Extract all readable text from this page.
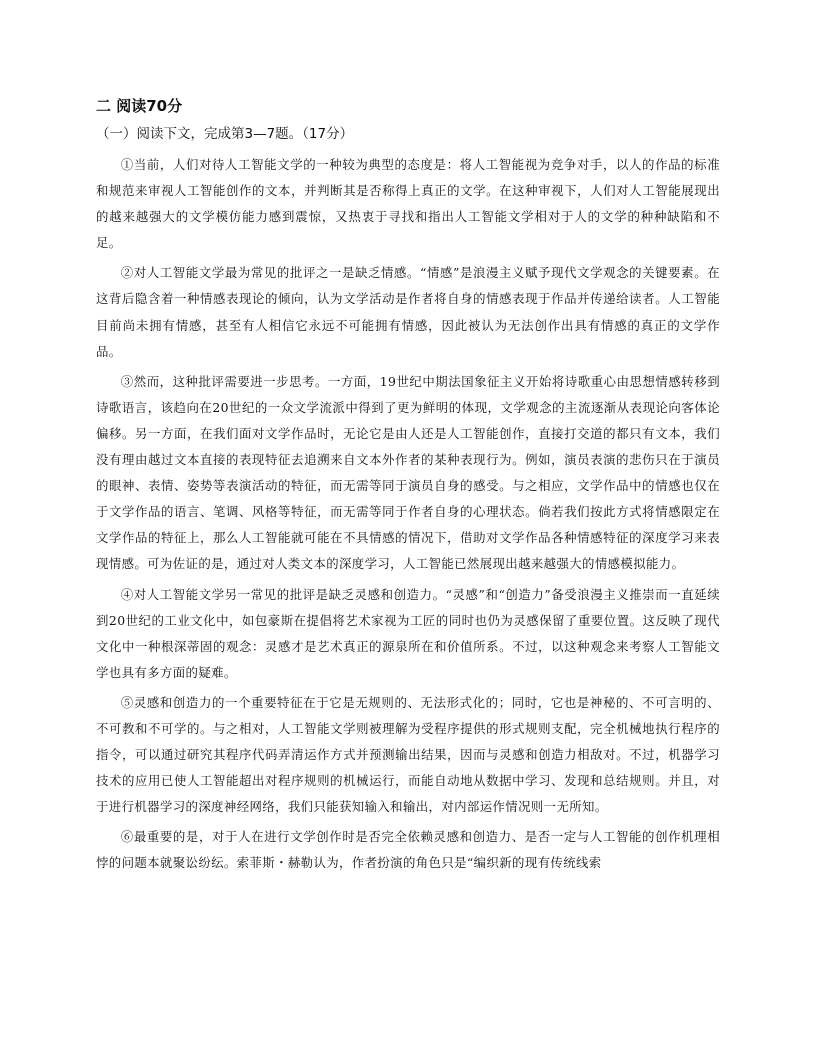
二 阅读70分
（一）阅读下文，完成第3—7题。（17分）

①当前，人们对待人工智能文学的一种较为典型的态度是：将人工智能视为竞争对手，以人的作品的标准和规范来审视人工智能创作的文本，并判断其是否称得上真正的文学。在这种审视下，人们对人工智能展现出的越来越强大的文学模仿能力感到震惊，又热衷于寻找和指出人工智能文学相对于人的文学的种种缺陷和不足。

②对人工智能文学最为常见的批评之一是缺乏情感。“情感”是浪漫主义赋予现代文学观念的关键要素。在这背后隐含着一种情感表现论的倾向，认为文学活动是作者将自身的情感表现于作品并传递给读者。人工智能目前尚未拥有情感，甚至有人相信它永远不可能拥有情感，因此被认为无法创作出具有情感的真正的文学作品。

③然而，这种批评需要进一步思考。一方面，19世纪中期法国象征主义开始将诗歌重心由思想情感转移到诗歌语言，该趋向在20世纪的一众文学流派中得到了更为鲜明的体现，文学观念的主流逐渐从表现论向客体论偏移。另一方面，在我们面对文学作品时，无论它是由人还是人工智能创作，直接打交道的都只有文本，我们没有理由越过文本直接的表现特征去追溯来自文本外作者的某种表现行为。例如，演员表演的悲伤只在于演员的眼神、表情、姿势等表演活动的特征，而无需等同于演员自身的感受。与之相应，文学作品中的情感也仅在于文学作品的语言、笔调、风格等特征，而无需等同于作者自身的心理状态。倘若我们按此方式将情感限定在文学作品的特征上，那么人工智能就可能在不具情感的情况下，借助对文学作品各种情感特征的深度学习来表现情感。可为佐证的是，通过对人类文本的深度学习，人工智能已然展现出越来越强大的情感模拟能力。

④对人工智能文学另一常见的批评是缺乏灵感和创造力。“灵感”和“创造力”备受浪漫主义推崇而一直延续到20世纪的工业文化中，如包豪斯在提倡将艺术家视为工匠的同时也仍为灵感保留了重要位置。这反映了现代文化中一种根深蒂固的观念：灵感才是艺术真正的源泉所在和价值所系。不过，以这种观念来考察人工智能文学也具有多方面的疑难。

⑤灵感和创造力的一个重要特征在于它是无规则的、无法形式化的；同时，它也是神秘的、不可言明的、不可教和不可学的。与之相对，人工智能文学则被理解为受程序提供的形式规则支配，完全机械地执行程序的指令，可以通过研究其程序代码弄清运作方式并预测输出结果，因而与灵感和创造力相敌对。不过，机器学习技术的应用已使人工智能超出对程序规则的机械运行，而能自动地从数据中学习、发现和总结规则。并且，对于进行机器学习的深度神经网络，我们只能获知输入和输出，对内部运作情况则一无所知。

⑥最重要的是，对于人在进行文学创作时是否完全依赖灵感和创造力、是否一定与人工智能的创作机理相悖的问题本就聚讼纷纭。索菲斯・赫勒认为，作者扮演的角色只是“编织新的现有传统线索
